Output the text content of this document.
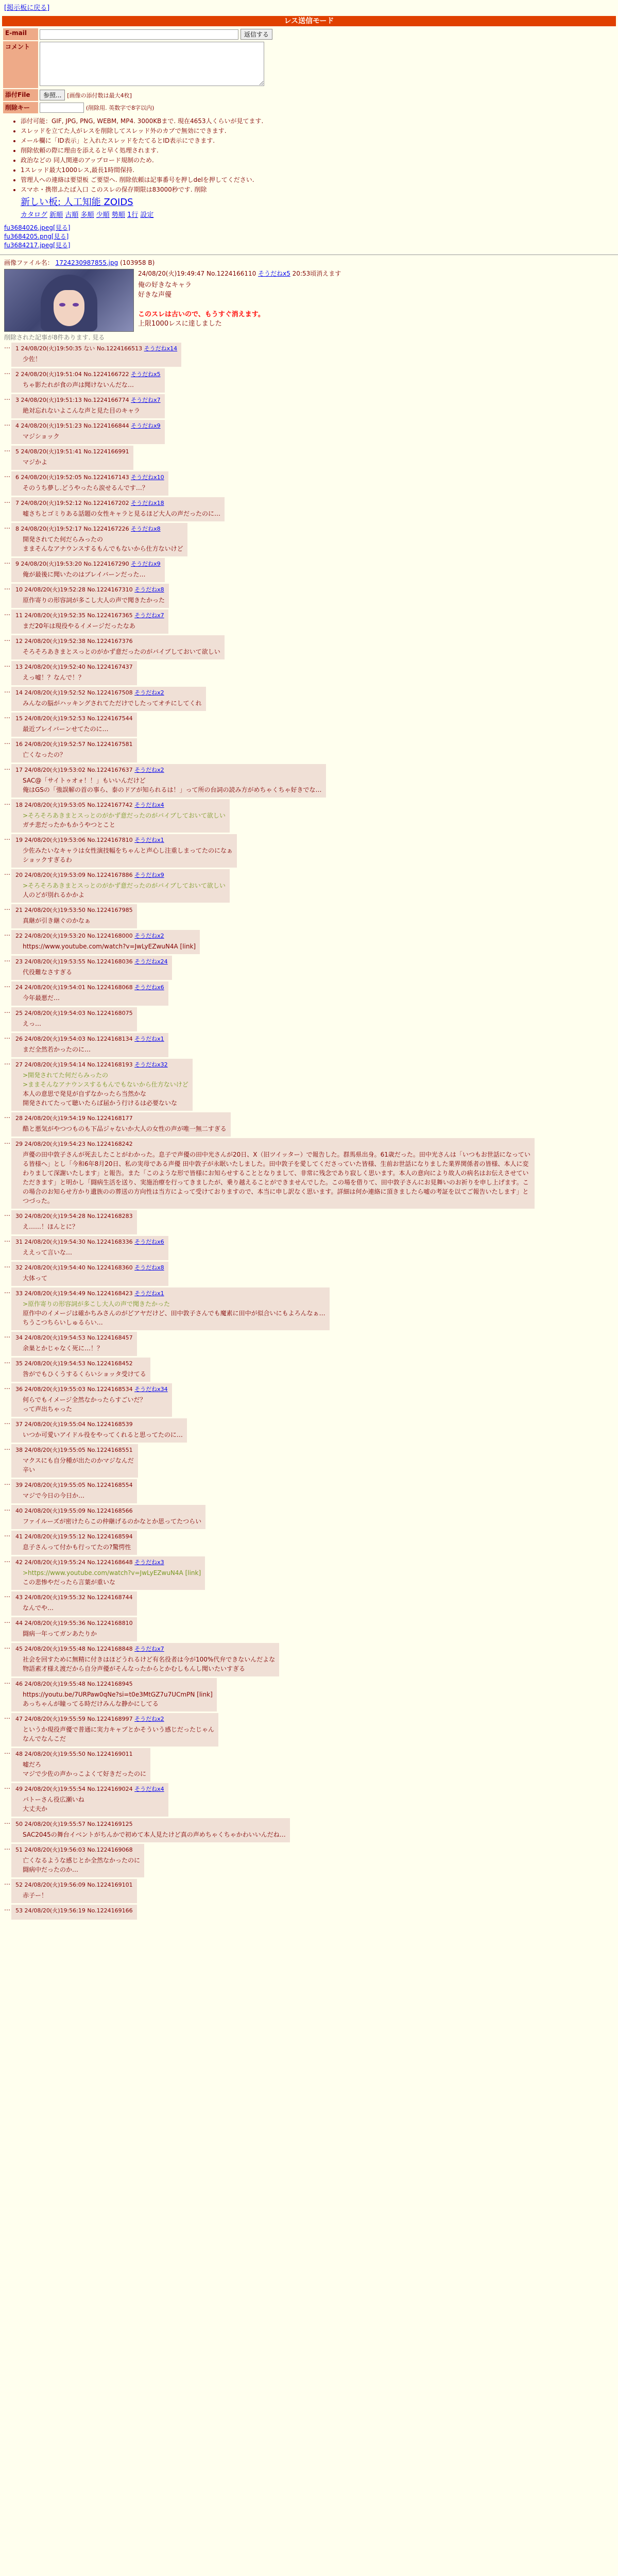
[掲示板に戻る]
レス送信モード
E-mail	返信する
コメント	
添付File	参照... [画像の添付数は最大4枚]
削除キー	(削除用. 英数字で8字以内)
• 添付可能：GIF, JPG, PNG, WEBM, MP4. 3000KBまで. 現在4653人くらいが見てます.
• スレッドを立てた人がレスを削除してスレッド外のカブで無効にできます.
• メール欄に「ID表示」と入れたスレッドをたてるとID表示にできます.
• 削除依頼の際に理由を添えると早く処理されます.
• 政治などの 同人関連のアップロード規制のため.
• 1スレッド最大1000レス,最長1時間保持.
• 管理人への連絡は要望板 ご要望へ. 削除依頼は記事番号を押しdelを押してください.
• スマホ・携帯ふたば入口 このスレの保存期限は83000秒です. 削除
新しい板: 人工知能 ZOIDS
カタログ 新順 古順 多順 少順 勢順 1行 設定
fu3684026.jpeg[見る]
fu3684205.png[見る]
fu3684217.jpeg[見る]
画像ファイル名： 1724230987855.jpg (103958 B)
24/08/20(火)19:49:47 No.1224166110 そうだねx5 20:53頃消えます
俺の好きなキャラ
好きな声優

このスレは古いので、もうすぐ消えます。
上限1000レスに達しました
削除された記事が8件あります. 見る
… 1 24/08/20(火)19:50:35 ない No.1224166513 そうだねx14
少佐！
… 2 24/08/20(火)19:51:04 No.1224166722 そうだねx5
ちゃ影たれが食の声は聞けないんだな…
… 3 24/08/20(火)19:51:13 No.1224166774 そうだねx7
絶対忘れないよこんな声と見た目のキャラ
… 4 24/08/20(火)19:51:23 No.1224166844 そうだねx9
マジショック
… 5 24/08/20(火)19:51:41 No.1224166991
マジかよ
… 6 24/08/20(火)19:52:05 No.1224167143 そうだねx10
そのうち夢し.どうやったら涙せるんです…？
… 7 24/08/20(火)19:52:12 No.1224167202 そうだねx18
嘘さちとゴミりある話題の女性キャラと見るほど大人の声だったのに…
… 8 24/08/20(火)19:52:17 No.1224167226 そうだねx8
開発されてた何だらみったの
ままそんなアナウンスするもんでもないから仕方ないけど
… 9 24/08/20(火)19:53:20 No.1224167290 そうだねx9
俺が最後に聞いたのはブレイバーンだった…
… 10 24/08/20(火)19:52:28 No.1224167310 そうだねx8
原作寄りの形容詞が多こし大人の声で聞きたかった
… 11 24/08/20(火)19:52:35 No.1224167365 そうだねx7
まだ20年は現役やるイメージだったなあ
… 12 24/08/20(火)19:52:38 No.1224167376
そろそろあきまとスっとのがかず意だったのがバイブしておいて欲しい
… 13 24/08/20(火)19:52:40 No.1224167437
えっ嘘！？なんで！？
… 14 24/08/20(火)19:52:52 No.1224167508 そうだねx2
みんなの脳がハッキングされてただけでしたってオチにしてくれ
… 15 24/08/20(火)19:52:53 No.1224167544
最近ブレイバーンせてたのに…
… 16 24/08/20(火)19:52:57 No.1224167581
亡くなったの？
… 17 24/08/20(火)19:53:02 No.1224167637 そうだねx2
SAC@「サイトゥオォ！！」もいいんだけど
俺はGSの「強誤解の首の事ら、泰のドアが知られるは！」って所の台詞の読み方がめちゃくちゃ好きでな…
… 18 24/08/20(火)19:53:05 No.1224167742 そうだねx4
>そろそろあきまとスっとのがかず意だったのがバイブしておいて欲しい
ガチ悲だったかもかうやつとこと
… 19 24/08/20(火)19:53:06 No.1224167810 そうだねx1
少佐みたいなキャラは女性演技幅をちゃんと声心し注重しまってたのになぁ
ショックすぎるわ
… 20 24/08/20(火)19:53:09 No.1224167886 そうだねx9
>そろそろあきまとスっとのがかず意だったのがバイブしておいて欲しい
人のどが別れるかかよ
… 21 24/08/20(火)19:53:50 No.1224167985
真継が引き継ぐのかなぁ
… 22 24/08/20(火)19:53:20 No.1224168000 そうだねx2
https://www.youtube.com/watch?v=JwLyEZwuN4A [link]
… 23 24/08/20(火)19:53:55 No.1224168036 そうだねx24
代役難なさすぎる
… 24 24/08/20(火)19:54:01 No.1224168068 そうだねx6
今年最悪だ…
… 25 24/08/20(火)19:54:03 No.1224168075
えっ…
… 26 24/08/20(火)19:54:03 No.1224168134 そうだねx1
まだ全然若かったのに…
… 27 24/08/20(火)19:54:14 No.1224168193 そうだねx32
>開発されてた何だらみったの
>ままそんなアナウンスするもんでもないから仕方ないけど
本人の意思で発見が自ずなかったら当然かな
開発されてたって聴いたらば届かう行けるは必要ないな
… 28 24/08/20(火)19:54:19 No.1224168177
酷と悪気がやつつものも下品ジャないか大人の女性の声が唯一無二すぎる
… 29 24/08/20(火)19:54:23 No.1224168242
声優の田中敦子さんが死去したことがわかった。息子で声優の田中光さんが20日、X（旧ツイッター）で報告した。群馬県出身。61歳だった。田中光さんは「いつもお世話になっている皆様へ」とし「今和6年8月20日、私の実母である声優 田中敦子が永眠いたしました。田中敦子を愛してくださっていた皆様、生前お世話になりました業界関係者の皆様、本人に変わりまして深謝いたします」と報告。また「このような形で皆様にお知らせすることとなりまして、非常に残念であり寂しく思います。本人の意向により故人の病名はお伝えさせていただきます」と明かし「闘病生活を送り、実施治療を行ってきましたが、乗り越えることができませんでした。この場を借りて、田中敦子さんにお見舞いのお祈りを申し上げます。この場合のお知らせ方かり遺族のの葬送の方向性は当方によって受けておりますので、本当に申し訳なく思います。詳細は何か連絡に頂きましたら嘘の考証を以てご報告いたします」とつづった。
… 30 24/08/20(火)19:54:28 No.1224168283
え……！ほんとに？
… 31 24/08/20(火)19:54:30 No.1224168336 そうだねx6
ええって言いな…
… 32 24/08/20(火)19:54:40 No.1224168360 そうだねx8
大体って
… 33 24/08/20(火)19:54:49 No.1224168423 そうだねx1
>原作寄りの形容詞が多こし大人の声で聞きたかった
原作中のイメージは確かちみさんのがどアヤだけど、田中敦子さんでも魔素に田中が似合いにもよろんなぁ…
ちうこつちらいしゅるらい…
… 34 24/08/20(火)19:54:53 No.1224168457
余巣とかじゃなく死に…！？
… 35 24/08/20(火)19:54:53 No.1224168452
咎がでもひくうするくらいショッタ受けてる
… 36 24/08/20(火)19:55:03 No.1224168534 そうだねx34
何らでもイメージ全然なかったらすごいだ？
って声出ちゃった
… 37 24/08/20(火)19:55:04 No.1224168539
いつか可愛いアイドル役をやってくれると思ってたのに…
… 38 24/08/20(火)19:55:05 No.1224168551
マクスにも自分種が出たのかマジなんだ
辛い
… 39 24/08/20(火)19:55:05 No.1224168554
マジで今日の今日か…
… 40 24/08/20(火)19:55:09 No.1224168566
ファイルーズが密けたらこの仲継げるのかなとか思ってたつらい
… 41 24/08/20(火)19:55:12 No.1224168594
息子さんって付かも行ってたの?驚愕性
… 42 24/08/20(火)19:55:24 No.1224168648 そうだねx3
>https://www.youtube.com/watch?v=JwLyEZwuN4A [link]
この悲惨やだったら言葉が重いな
… 43 24/08/20(火)19:55:32 No.1224168744
なんでや…
… 44 24/08/20(火)19:55:36 No.1224168810
闘病一年ってガンあたりか
… 45 24/08/20(火)19:55:48 No.1224168848 そうだねx7
社会を回すために無精に付きはほどうれるけど有名役者は今が100%代弁できないんだよな
物語素才様え渡だから自分声優がそんなったからとかむしもんし聞いたいすぎる
… 46 24/08/20(火)19:55:48 No.1224168945
https://youtu.be/7URPaw0qNe?si=t0e3MtGZ7u7UCmPN [link]
あっちゃんが瞳ってる時だけみんな静かにしてる
… 47 24/08/20(火)19:55:59 No.1224168997 そうだねx2
というか現役声優で普通に実力キャプとかそういう感じだったじゃん
なんでなんこだ
… 48 24/08/20(火)19:55:50 No.1224169011
嘘だろ
マジで少佐の声かっこよくて好きだったのに
… 49 24/08/20(火)19:55:54 No.1224169024 そうだねx4
バトーさん役広瀬いね
大丈夫か
… 50 24/08/20(火)19:55:57 No.1224169125
SAC2045の舞台イベントがちんかで初めて本人見たけど真の声めちゃくちゃかわいいんだね…
… 51 24/08/20(火)19:56:03 No.1224169068
亡くなるような感じとか全然なかったのに
闘病中だったのか…
… 52 24/08/20(火)19:56:09 No.1224169101
赤子ー！
… 53 24/08/20(火)19:56:19 No.1224169166
